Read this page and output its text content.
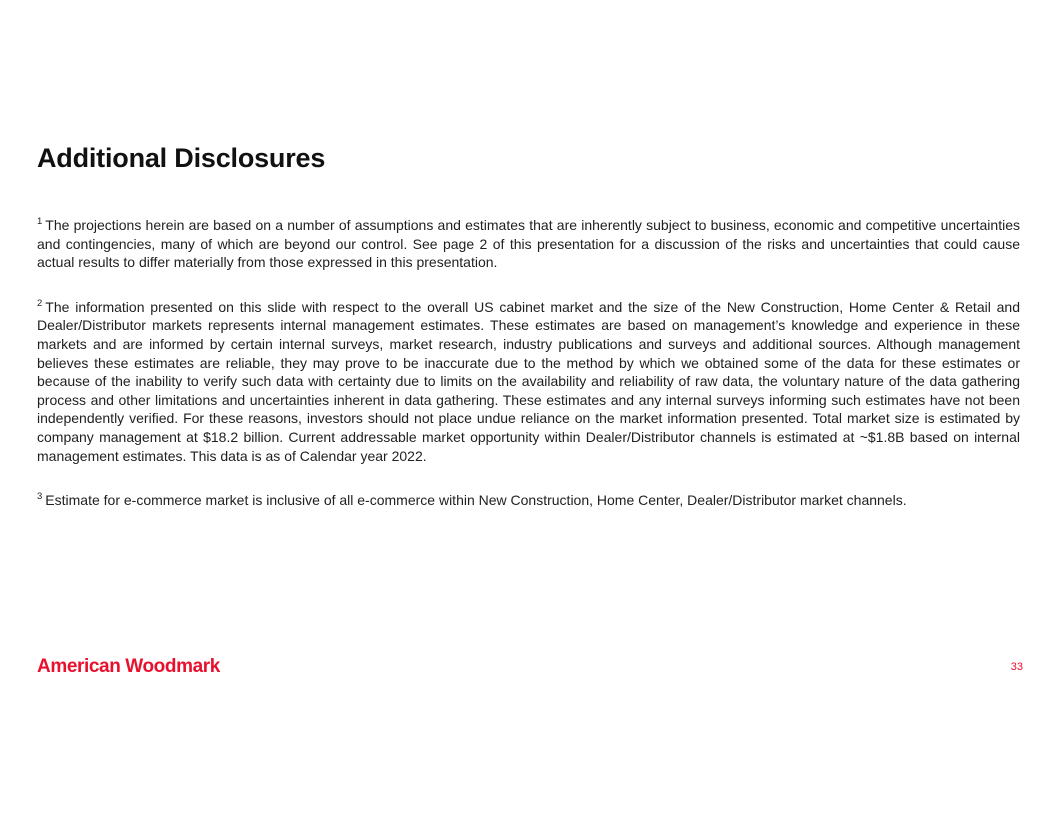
Additional Disclosures

$^1$ The projections herein are based on a number of assumptions and estimates that are inherently subject to business, economic and competitive uncertainties and contingencies, many of which are beyond our control. See page 2 of this presentation for a discussion of the risks and uncertainties that could cause actual results to differ materially from those expressed in this presentation.

$^2$ The information presented on this slide with respect to the overall US cabinet market and the size of the New Construction, Home Center & Retail and Dealer/Distributor markets represents internal management estimates. These estimates are based on management’s knowledge and experience in these markets and are informed by certain internal surveys, market research, industry publications and surveys and additional sources. Although management believes these estimates are reliable, they may prove to be inaccurate due to the method by which we obtained some of the data for these estimates or because of the inability to verify such data with certainty due to limits on the availability and reliability of raw data, the voluntary nature of the data gathering process and other limitations and uncertainties inherent in data gathering. These estimates and any internal surveys informing such estimates have not been independently verified. For these reasons, investors should not place undue reliance on the market information presented. Total market size is estimated by company management at $18.2 billion. Current addressable market opportunity within Dealer/Distributor channels is estimated at ~$1.8B based on internal management estimates. This data is as of Calendar year 2022.

$^3$ Estimate for e-commerce market is inclusive of all e-commerce within New Construction, Home Center, Dealer/Distributor market channels.

American Woodmark	33
